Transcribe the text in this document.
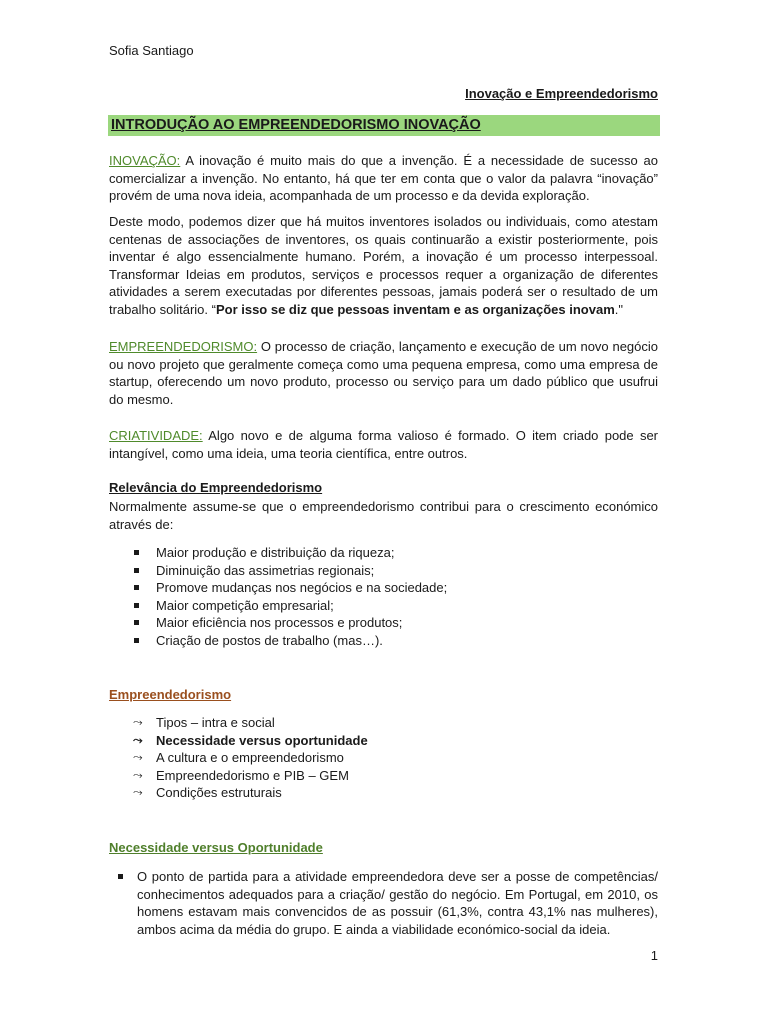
Sofia Santiago
Inovação e Empreendedorismo
INTRODUÇÃO AO EMPREENDEDORISMO INOVAÇÃO

INOVAÇÃO: A inovação é muito mais do que a invenção. É a necessidade de sucesso ao comercializar a invenção. No entanto, há que ter em conta que o valor da palavra “inovação” provém de uma nova ideia, acompanhada de um processo e da devida exploração.

Deste modo, podemos dizer que há muitos inventores isolados ou individuais, como atestam centenas de associações de inventores, os quais continuarão a existir posteriormente, pois inventar é algo essencialmente humano. Porém, a inovação é um processo interpessoal. Transformar Ideias em produtos, serviços e processos requer a organização de diferentes atividades a serem executadas por diferentes pessoas, jamais poderá ser o resultado de um trabalho solitário. “Por isso se diz que pessoas inventam e as organizações inovam."

EMPREENDEDORISMO: O processo de criação, lançamento e execução de um novo negócio ou novo projeto que geralmente começa como uma pequena empresa, como uma empresa de startup, oferecendo um novo produto, processo ou serviço para um dado público que usufrui do mesmo.

CRIATIVIDADE: Algo novo e de alguma forma valioso é formado. O item criado pode ser intangível, como uma ideia, uma teoria científica, entre outros.

Relevância do Empreendedorismo

Normalmente assume-se que o empreendedorismo contribui para o crescimento económico através de:

Maior produção e distribuição da riqueza;
Diminuição das assimetrias regionais;
Promove mudanças nos negócios e na sociedade;
Maior competição empresarial;
Maior eficiência nos processos e produtos;
Criação de postos de trabalho (mas…).
Empreendedorismo
⤳ Tipos – intra e social
⤳ Necessidade versus oportunidade
⤳ A cultura e o empreendedorismo
⤳ Empreendedorismo e PIB – GEM
⤳ Condições estruturais
Necessidade versus Oportunidade
O ponto de partida para a atividade empreendedora deve ser a posse de competências/ conhecimentos adequados para a criação/ gestão do negócio. Em Portugal, em 2010, os homens estavam mais convencidos de as possuir (61,3%, contra 43,1% nas mulheres), ambos acima da média do grupo. E ainda a viabilidade económico-social da ideia.
1
